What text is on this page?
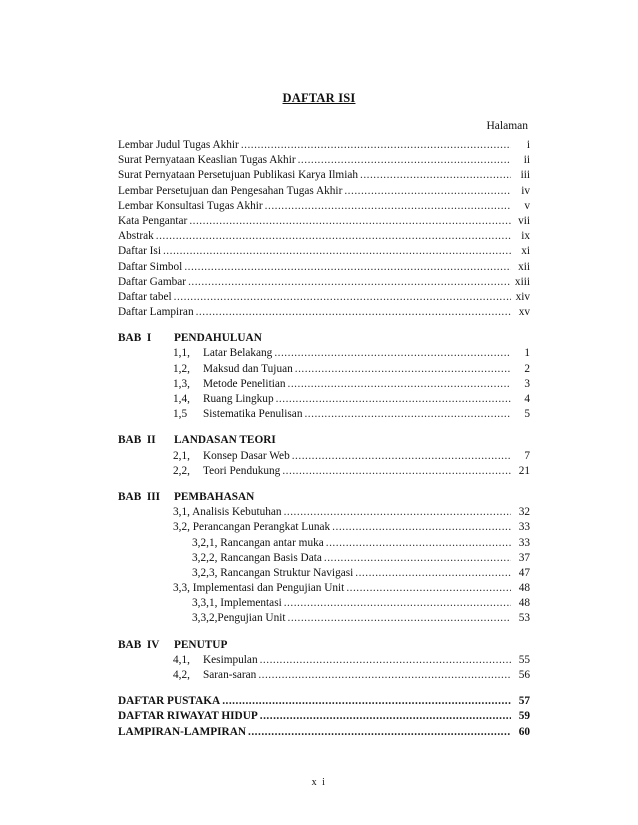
DAFTAR ISI
Halaman
Lembar Judul Tugas Akhir .....	i
Surat Pernyataan Keaslian Tugas Akhir .....	ii
Surat Pernyataan Persetujuan Publikasi Karya Ilmiah .....	iii
Lembar Persetujuan dan Pengesahan Tugas Akhir .....	iv
Lembar Konsultasi Tugas Akhir .....	v
Kata Pengantar .....	vii
Abstrak .....	ix
Daftar Isi .....	xi
Daftar Simbol .....	xii
Daftar Gambar .....	xiii
Daftar tabel .....	xiv
Daftar Lampiran .....	xv
BAB  I	PENDAHULUAN
1,1, Latar Belakang .....	1
1,2, Maksud dan Tujuan .....	2
1,3, Metode Penelitian .....	3
1,4, Ruang Lingkup .....	4
1,5 Sistematika Penulisan .....	5
BAB  II	LANDASAN TEORI
2,1, Konsep Dasar Web .....	7
2,2, Teori Pendukung .....	21
BAB  III	PEMBAHASAN
3,1, Analisis Kebutuhan .....	32
3,2, Perancangan Perangkat Lunak .....	33
3,2,1, Rancangan antar muka .....	33
3,2,2, Rancangan Basis Data .....	37
3,2,3, Rancangan Struktur Navigasi .....	47
3,3, Implementasi dan Pengujian Unit .....	48
3,3,1, Implementasi .....	48
3,3,2,Pengujian Unit .....	53
BAB  IV	PENUTUP
4,1, Kesimpulan .....	55
4,2, Saran-saran .....	56
DAFTAR PUSTAKA .....	57
DAFTAR RIWAYAT HIDUP .....	59
LAMPIRAN-LAMPIRAN .....	60
x i
